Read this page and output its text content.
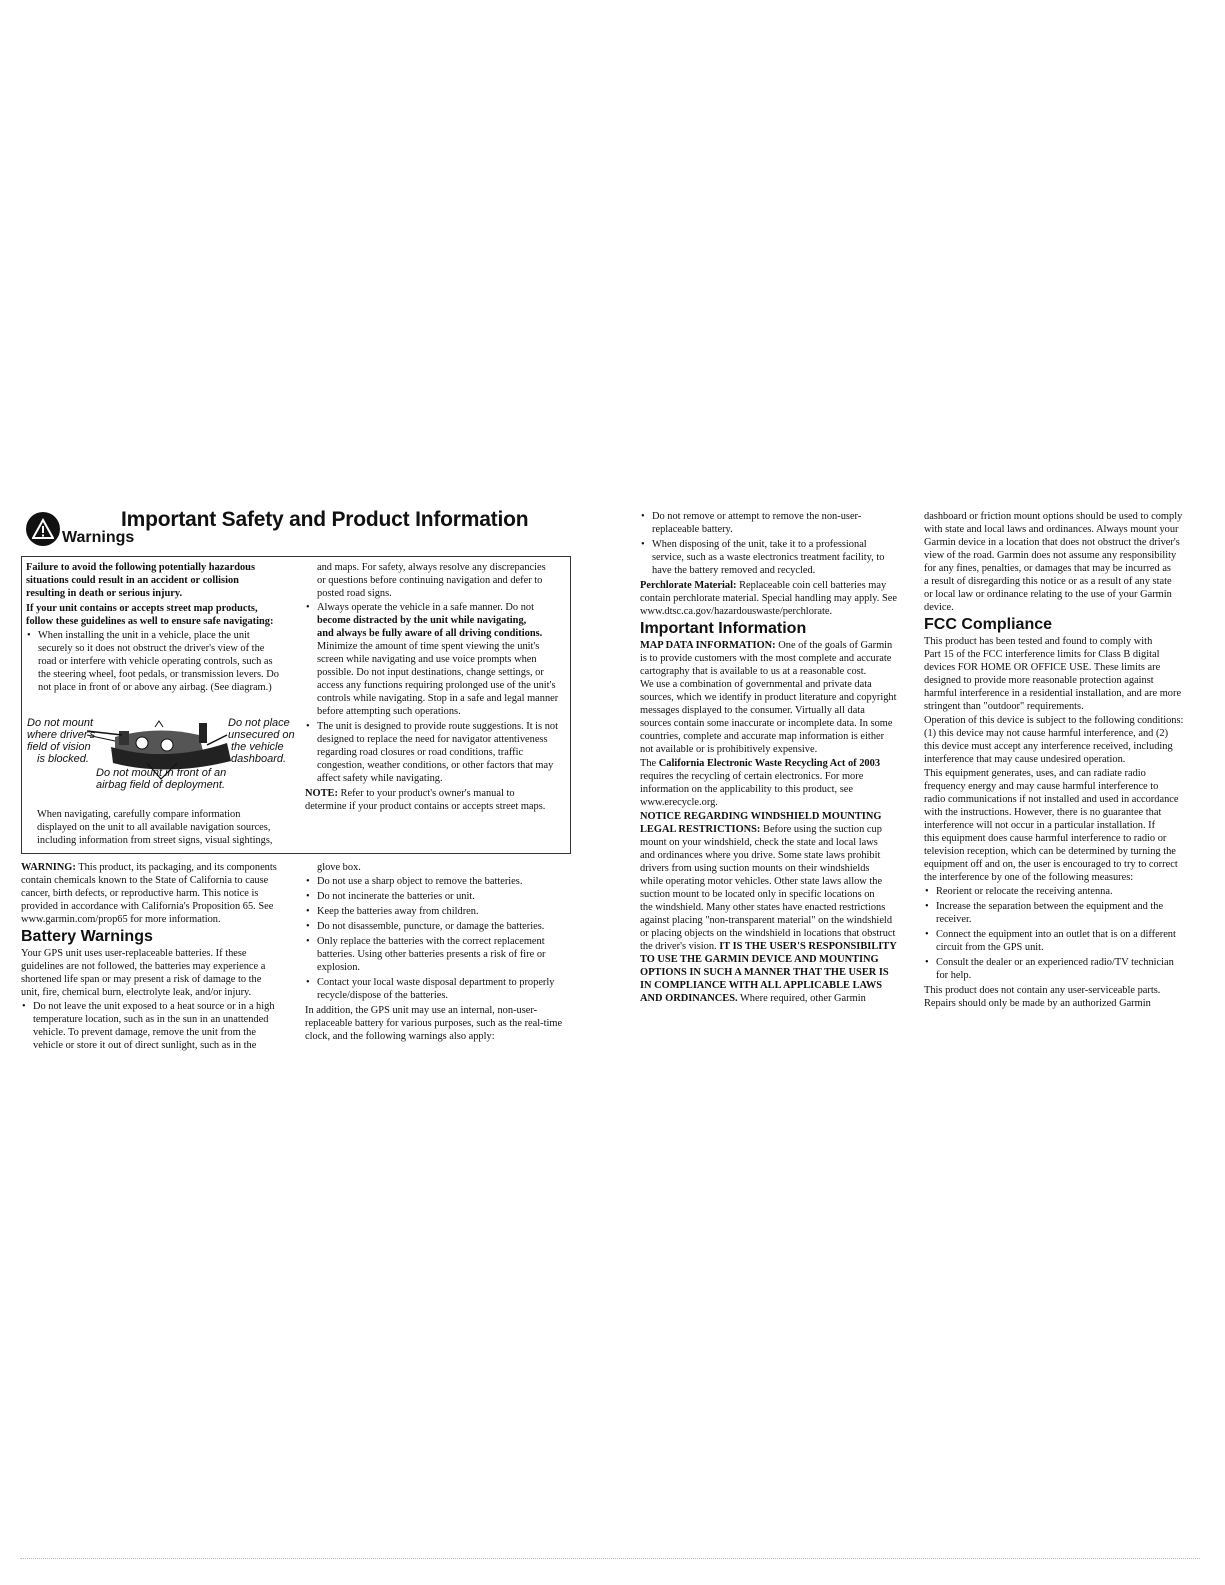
Important Safety and Product Information
Warnings

Failure to avoid the following potentially hazardous
situations could result in an accident or collision
resulting in death or serious injury.

If your unit contains or accepts street map products,
follow these guidelines as well to ensure safe navigating:

• When installing the unit in a vehicle, place the unit
securely so it does not obstruct the driver's view of the
road or interfere with vehicle operating controls, such as
the steering wheel, foot pedals, or transmission levers. Do
not place in front of or above any airbag. (See diagram.)
Do not mount
where driver's
field of vision
is blocked.
Do not place
unsecured on
the vehicle
dashboard.
Do not mount in front of an
airbag field of deployment.

When navigating, carefully compare information
displayed on the unit to all available navigation sources,
including information from street signs, visual sightings,

and maps. For safety, always resolve any discrepancies
or questions before continuing navigation and defer to
posted road signs.

• Always operate the vehicle in a safe manner. Do not become distracted by the unit while navigating,
and always be fully aware of all driving conditions.
Minimize the amount of time spent viewing the unit's
screen while navigating and use voice prompts when
possible. Do not input destinations, change settings, or
access any functions requiring prolonged use of the unit's
controls while navigating. Stop in a safe and legal manner
before attempting such operations.

• The unit is designed to provide route suggestions. It is not
designed to replace the need for navigator attentiveness
regarding road closures or road conditions, traffic
congestion, weather conditions, or other factors that may
affect safety while navigating.

NOTE: Refer to your product's owner's manual to
determine if your product contains or accepts street maps.

WARNING: This product, its packaging, and its components
contain chemicals known to the State of California to cause
cancer, birth defects, or reproductive harm. This notice is
provided in accordance with California's Proposition 65. See
www.garmin.com/prop65 for more information.

Battery Warnings

Your GPS unit uses user-replaceable batteries. If these
guidelines are not followed, the batteries may experience a
shortened life span or may present a risk of damage to the
unit, fire, chemical burn, electrolyte leak, and/or injury.

• Do not leave the unit exposed to a heat source or in a high
temperature location, such as in the sun in an unattended
vehicle. To prevent damage, remove the unit from the
vehicle or store it out of direct sunlight, such as in the

glove box.

• Do not use a sharp object to remove the batteries.
• Do not incinerate the batteries or unit.
• Keep the batteries away from children.
• Do not disassemble, puncture, or damage the batteries.
• Only replace the batteries with the correct replacement
batteries. Using other batteries presents a risk of fire or
explosion.
• Contact your local waste disposal department to properly
recycle/dispose of the batteries.

In addition, the GPS unit may use an internal, non-user-
replaceable battery for various purposes, such as the real-time
clock, and the following warnings also apply:

• Do not remove or attempt to remove the non-user-
replaceable battery.
• When disposing of the unit, take it to a professional
service, such as a waste electronics treatment facility, to
have the battery removed and recycled.

Perchlorate Material: Replaceable coin cell batteries may
contain perchlorate material. Special handling may apply. See
www.dtsc.ca.gov/hazardouswaste/perchlorate.

Important Information

MAP DATA INFORMATION: One of the goals of Garmin
is to provide customers with the most complete and accurate
cartography that is available to us at a reasonable cost.
We use a combination of governmental and private data
sources, which we identify in product literature and copyright
messages displayed to the consumer. Virtually all data
sources contain some inaccurate or incomplete data. In some
countries, complete and accurate map information is either
not available or is prohibitively expensive.

The California Electronic Waste Recycling Act of 2003
requires the recycling of certain electronics. For more
information on the applicability to this product, see
www.erecycle.org.

NOTICE REGARDING WINDSHIELD MOUNTING
LEGAL RESTRICTIONS: Before using the suction cup
mount on your windshield, check the state and local laws
and ordinances where you drive. Some state laws prohibit
drivers from using suction mounts on their windshields
while operating motor vehicles. Other state laws allow the
suction mount to be located only in specific locations on
the windshield. Many other states have enacted restrictions
against placing "non-transparent material" on the windshield
or placing objects on the windshield in locations that obstruct
the driver's vision. IT IS THE USER'S RESPONSIBILITY
TO USE THE GARMIN DEVICE AND MOUNTING
OPTIONS IN SUCH A MANNER THAT THE USER IS
IN COMPLIANCE WITH ALL APPLICABLE LAWS
AND ORDINANCES. Where required, other Garmin

dashboard or friction mount options should be used to comply
with state and local laws and ordinances. Always mount your
Garmin device in a location that does not obstruct the driver's
view of the road. Garmin does not assume any responsibility
for any fines, penalties, or damages that may be incurred as
a result of disregarding this notice or as a result of any state
or local law or ordinance relating to the use of your Garmin
device.

FCC Compliance

This product has been tested and found to comply with
Part 15 of the FCC interference limits for Class B digital
devices FOR HOME OR OFFICE USE. These limits are
designed to provide more reasonable protection against
harmful interference in a residential installation, and are more
stringent than "outdoor" requirements.

Operation of this device is subject to the following conditions:
(1) this device may not cause harmful interference, and (2)
this device must accept any interference received, including
interference that may cause undesired operation.

This equipment generates, uses, and can radiate radio
frequency energy and may cause harmful interference to
radio communications if not installed and used in accordance
with the instructions. However, there is no guarantee that
interference will not occur in a particular installation. If
this equipment does cause harmful interference to radio or
television reception, which can be determined by turning the
equipment off and on, the user is encouraged to try to correct
the interference by one of the following measures:

• Reorient or relocate the receiving antenna.
• Increase the separation between the equipment and the
receiver.
• Connect the equipment into an outlet that is on a different
circuit from the GPS unit.
• Consult the dealer or an experienced radio/TV technician
for help.

This product does not contain any user-serviceable parts.
Repairs should only be made by an authorized Garmin
